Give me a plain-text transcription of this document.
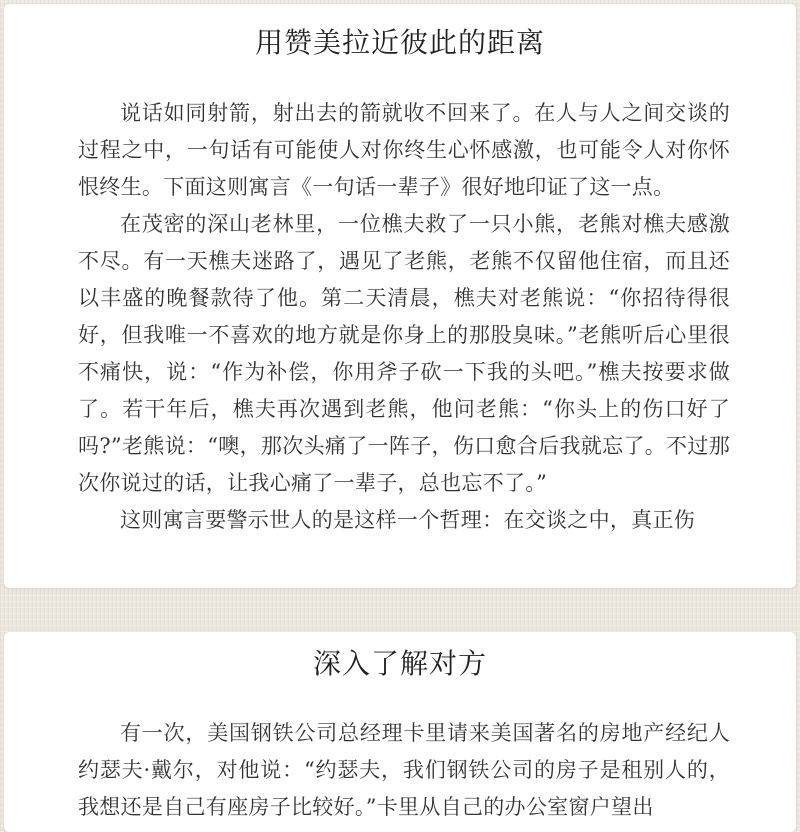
用赞美拉近彼此的距离

说话如同射箭，射出去的箭就收不回来了。在人与人之间交谈的过程之中，一句话有可能使人对你终生心怀感激，也可能令人对你怀恨终生。下面这则寓言《一句话一辈子》很好地印证了这一点。

在茂密的深山老林里，一位樵夫救了一只小熊，老熊对樵夫感激不尽。有一天樵夫迷路了，遇见了老熊，老熊不仅留他住宿，而且还以丰盛的晚餐款待了他。第二天清晨，樵夫对老熊说：“你招待得很好，但我唯一不喜欢的地方就是你身上的那股臭味。”老熊听后心里很不痛快，说：“作为补偿，你用斧子砍一下我的头吧。”樵夫按要求做了。若干年后，樵夫再次遇到老熊，他问老熊：“你头上的伤口好了吗?”老熊说：“噢，那次头痛了一阵子，伤口愈合后我就忘了。不过那次你说过的话，让我心痛了一辈子，总也忘不了。”

这则寓言要警示世人的是这样一个哲理：在交谈之中，真正伤

深入了解对方

有一次，美国钢铁公司总经理卡里请来美国著名的房地产经纪人约瑟夫·戴尔，对他说：“约瑟夫，我们钢铁公司的房子是租别人的，我想还是自己有座房子比较好。”卡里从自己的办公室窗户望出
